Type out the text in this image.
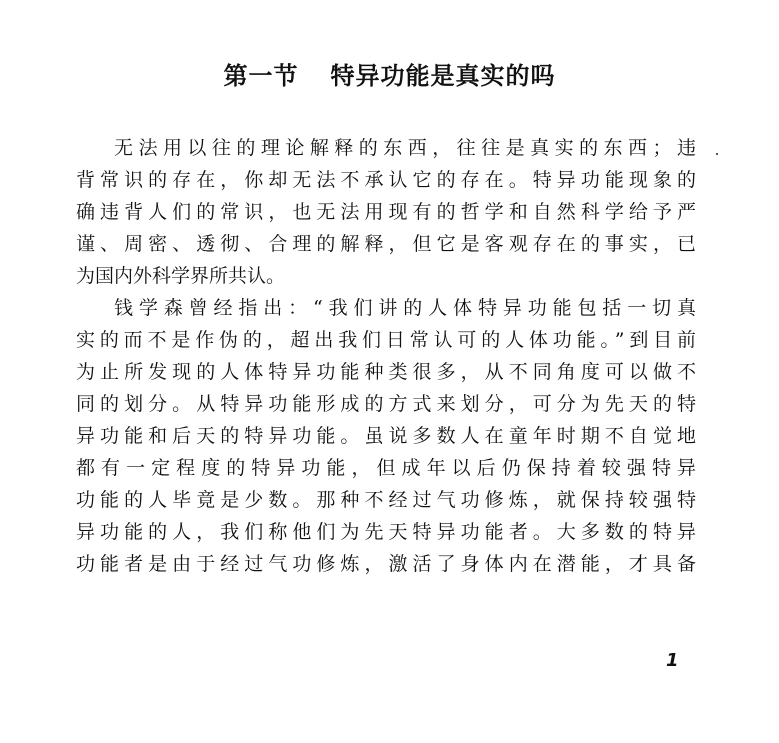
第一节 特异功能是真实的吗

无法用以往的理论解释的东西，往往是真实的东西；违
背常识的存在，你却无法不承认它的存在。特异功能现象的
确违背人们的常识，也无法用现有的哲学和自然科学给予严
谨、周密、透彻、合理的解释，但它是客观存在的事实，已
为国内外科学界所共认。

钱学森曾经指出：“我们讲的人体特异功能包括一切真
实的而不是作伪的，超出我们日常认可的人体功能。”到目前
为止所发现的人体特异功能种类很多，从不同角度可以做不
同的划分。从特异功能形成的方式来划分，可分为先天的特
异功能和后天的特异功能。虽说多数人在童年时期不自觉地
都有一定程度的特异功能，但成年以后仍保持着较强特异
功能的人毕竟是少数。那种不经过气功修炼，就保持较强特
异功能的人，我们称他们为先天特异功能者。大多数的特异
功能者是由于经过气功修炼，激活了身体内在潜能，才具备

1
